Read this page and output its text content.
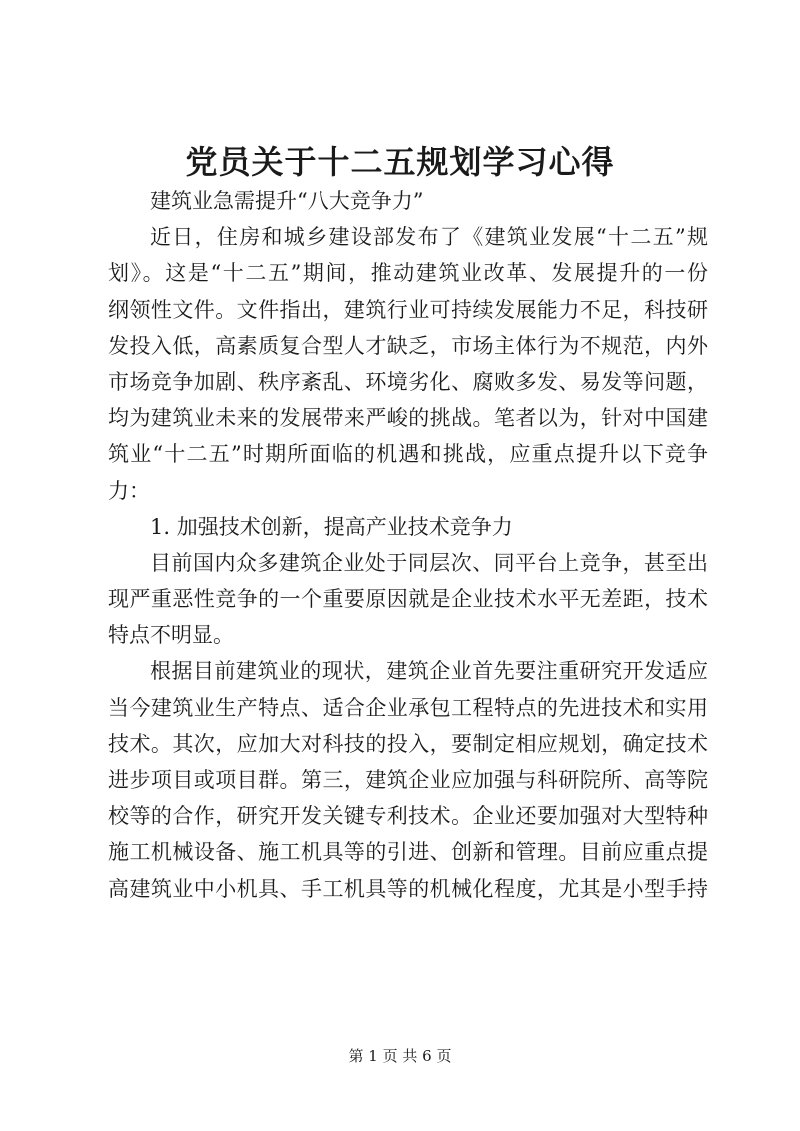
党员关于十二五规划学习心得
建筑业急需提升“八大竞争力”
近日，住房和城乡建设部发布了《建筑业发展“十二五”规
划》。这是“十二五”期间，推动建筑业改革、发展提升的一份
纲领性文件。文件指出，建筑行业可持续发展能力不足，科技研
发投入低，高素质复合型人才缺乏，市场主体行为不规范，内外
市场竞争加剧、秩序紊乱、环境劣化、腐败多发、易发等问题，
均为建筑业未来的发展带来严峻的挑战。笔者以为，针对中国建
筑业“十二五”时期所面临的机遇和挑战，应重点提升以下竞争
力：
1. 加强技术创新，提高产业技术竞争力
目前国内众多建筑企业处于同层次、同平台上竞争，甚至出
现严重恶性竞争的一个重要原因就是企业技术水平无差距，技术
特点不明显。
根据目前建筑业的现状，建筑企业首先要注重研究开发适应
当今建筑业生产特点、适合企业承包工程特点的先进技术和实用
技术。其次，应加大对科技的投入，要制定相应规划，确定技术
进步项目或项目群。第三，建筑企业应加强与科研院所、高等院
校等的合作，研究开发关键专利技术。企业还要加强对大型特种
施工机械设备、施工机具等的引进、创新和管理。目前应重点提
高建筑业中小机具、手工机具等的机械化程度，尤其是小型手持
第 1 页 共 6 页
